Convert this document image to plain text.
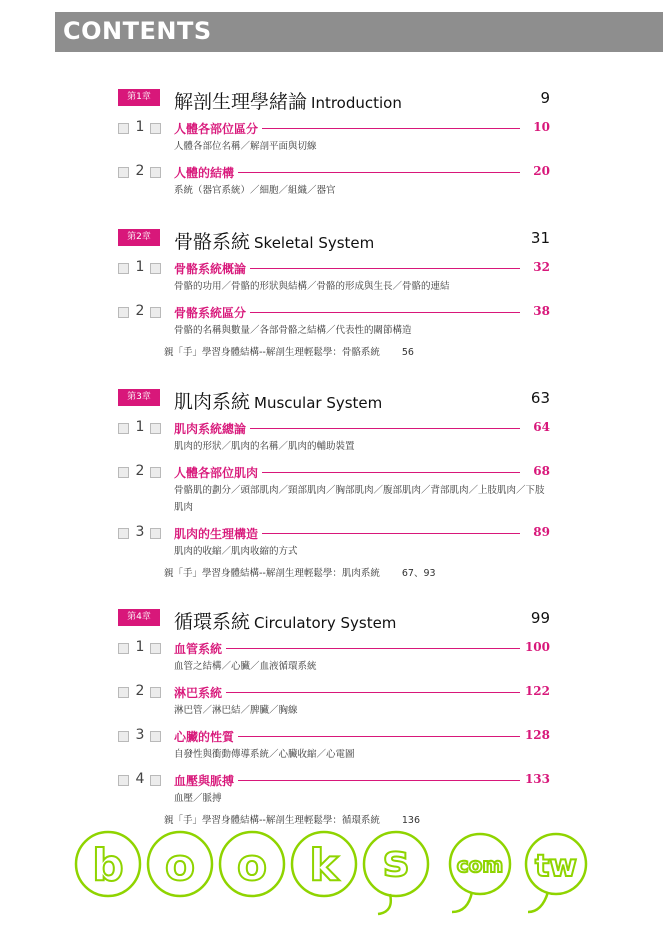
CONTENTS
第1章	解剖生理學緒論 Introduction	9
1 人體各部位區分	10
人體各部位名稱／解剖平面與切線
2 人體的結構	20
系統（器官系統）／細胞／組織／器官
第2章	骨骼系統 Skeletal System	31
1 骨骼系統概論	32
骨骼的功用／骨骼的形狀與結構／骨骼的形成與生長／骨骼的連結
2 骨骼系統區分	38
骨骼的名稱與數量／各部骨骼之結構／代表性的關節構造
親「手」學習身體結構--解剖生理輕鬆學：骨骼系統 56
第3章	肌肉系統 Muscular System	63
1 肌肉系統總論	64
肌肉的形狀／肌肉的名稱／肌肉的輔助裝置
2 人體各部位肌肉	68
骨骼肌的劃分／頭部肌肉／頸部肌肉／胸部肌肉／腹部肌肉／背部肌肉／上肢肌肉／下肢肌肉
3 肌肉的生理構造	89
肌肉的收縮／肌肉收縮的方式
親「手」學習身體結構--解剖生理輕鬆學：肌肉系統 67、93
第4章	循環系統 Circulatory System	99
1 血管系統	100
血管之結構／心臟／血液循環系統
2 淋巴系統	122
淋巴管／淋巴結／脾臟／胸線
3 心臟的性質	128
自發性與衝動傳導系統／心臟收縮／心電圖
4 血壓與脈搏	133
血壓／脈搏
親「手」學習身體結構--解剖生理輕鬆學：循環系統 136
b o o k s com tw
